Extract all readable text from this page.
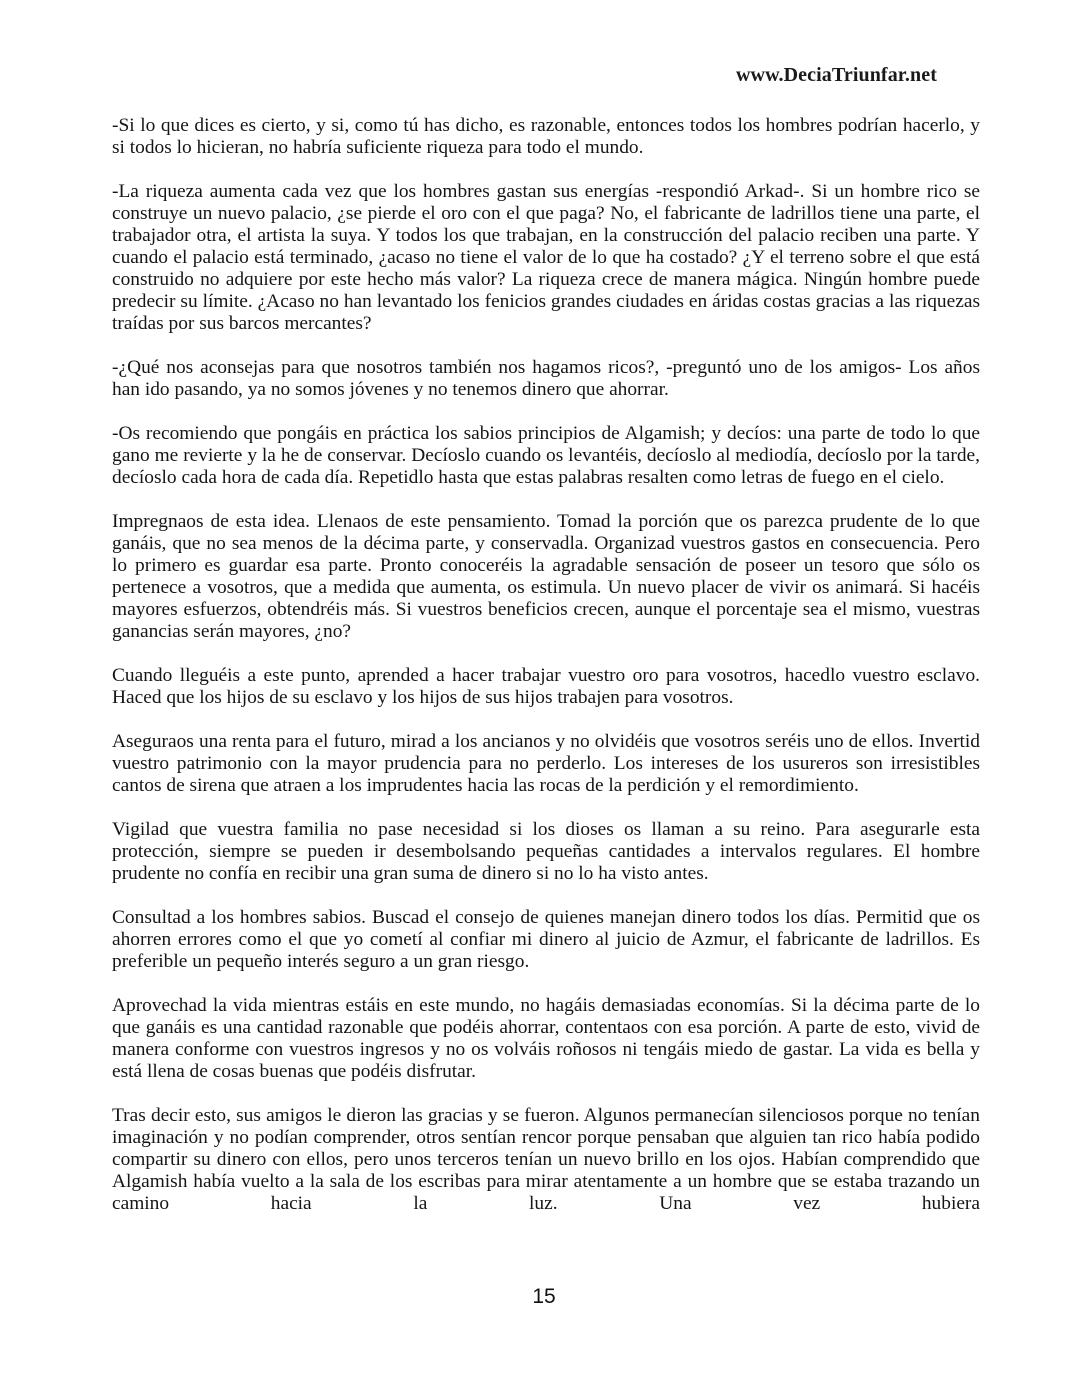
www.DeciaTriunfar.net

-Si lo que dices es cierto, y si, como tú has dicho, es razonable, entonces todos los hombres podrían hacerlo, y si todos lo hicieran, no habría suficiente riqueza para todo el mundo.

-La riqueza aumenta cada vez que los hombres gastan sus energías -respondió Arkad-. Si un hombre rico se construye un nuevo palacio, ¿se pierde el oro con el que paga? No, el fabricante de ladrillos tiene una parte, el trabajador otra, el artista la suya. Y todos los que trabajan, en la construcción del palacio reciben una parte. Y cuando el palacio está terminado, ¿acaso no tiene el valor de lo que ha costado? ¿Y el terreno sobre el que está construido no adquiere por este hecho más valor? La riqueza crece de manera mágica. Ningún hombre puede predecir su límite. ¿Acaso no han levantado los fenicios grandes ciudades en áridas costas gracias a las riquezas traídas por sus barcos mercantes?

-¿Qué nos aconsejas para que nosotros también nos hagamos ricos?, -preguntó uno de los amigos- Los años han ido pasando, ya no somos jóvenes y no tenemos dinero que ahorrar.

-Os recomiendo que pongáis en práctica los sabios principios de Algamish; y decíos: una parte de todo lo que gano me revierte y la he de conservar. Decíoslo cuando os levantéis, decíoslo al mediodía, decíoslo por la tarde, decíoslo cada hora de cada día. Repetidlo hasta que estas palabras resalten como letras de fuego en el cielo.

Impregnaos de esta idea. Llenaos de este pensamiento. Tomad la porción que os parezca prudente de lo que ganáis, que no sea menos de la décima parte, y conservadla. Organizad vuestros gastos en consecuencia. Pero lo primero es guardar esa parte. Pronto conoceréis la agradable sensación de poseer un tesoro que sólo os pertenece a vosotros, que a medida que aumenta, os estimula. Un nuevo placer de vivir os animará. Si hacéis mayores esfuerzos, obtendréis más. Si vuestros beneficios crecen, aunque el porcentaje sea el mismo, vuestras ganancias serán mayores, ¿no?

Cuando lleguéis a este punto, aprended a hacer trabajar vuestro oro para vosotros, hacedlo vuestro esclavo. Haced que los hijos de su esclavo y los hijos de sus hijos trabajen para vosotros.

Aseguraos una renta para el futuro, mirad a los ancianos y no olvidéis que vosotros seréis uno de ellos. Invertid vuestro patrimonio con la mayor prudencia para no perderlo. Los intereses de los usureros son irresistibles cantos de sirena que atraen a los imprudentes hacia las rocas de la perdición y el remordimiento.

Vigilad que vuestra familia no pase necesidad si los dioses os llaman a su reino. Para asegurarle esta protección, siempre se pueden ir desembolsando pequeñas cantidades a intervalos regulares. El hombre prudente no confía en recibir una gran suma de dinero si no lo ha visto antes.

Consultad a los hombres sabios. Buscad el consejo de quienes manejan dinero todos los días. Permitid que os ahorren errores como el que yo cometí al confiar mi dinero al juicio de Azmur, el fabricante de ladrillos. Es preferible un pequeño interés seguro a un gran riesgo.

Aprovechad la vida mientras estáis en este mundo, no hagáis demasiadas economías. Si la décima parte de lo que ganáis es una cantidad razonable que podéis ahorrar, contentaos con esa porción. A parte de esto, vivid de manera conforme con vuestros ingresos y no os volváis roñosos ni tengáis miedo de gastar. La vida es bella y está llena de cosas buenas que podéis disfrutar.

Tras decir esto, sus amigos le dieron las gracias y se fueron. Algunos permanecían silenciosos porque no tenían imaginación y no podían comprender, otros sentían rencor porque pensaban que alguien tan rico había podido compartir su dinero con ellos, pero unos terceros tenían un nuevo brillo en los ojos. Habían comprendido que Algamish había vuelto a la sala de los escribas para mirar atentamente a un hombre que se estaba trazando un camino hacia la luz. Una vez hubiera

15
